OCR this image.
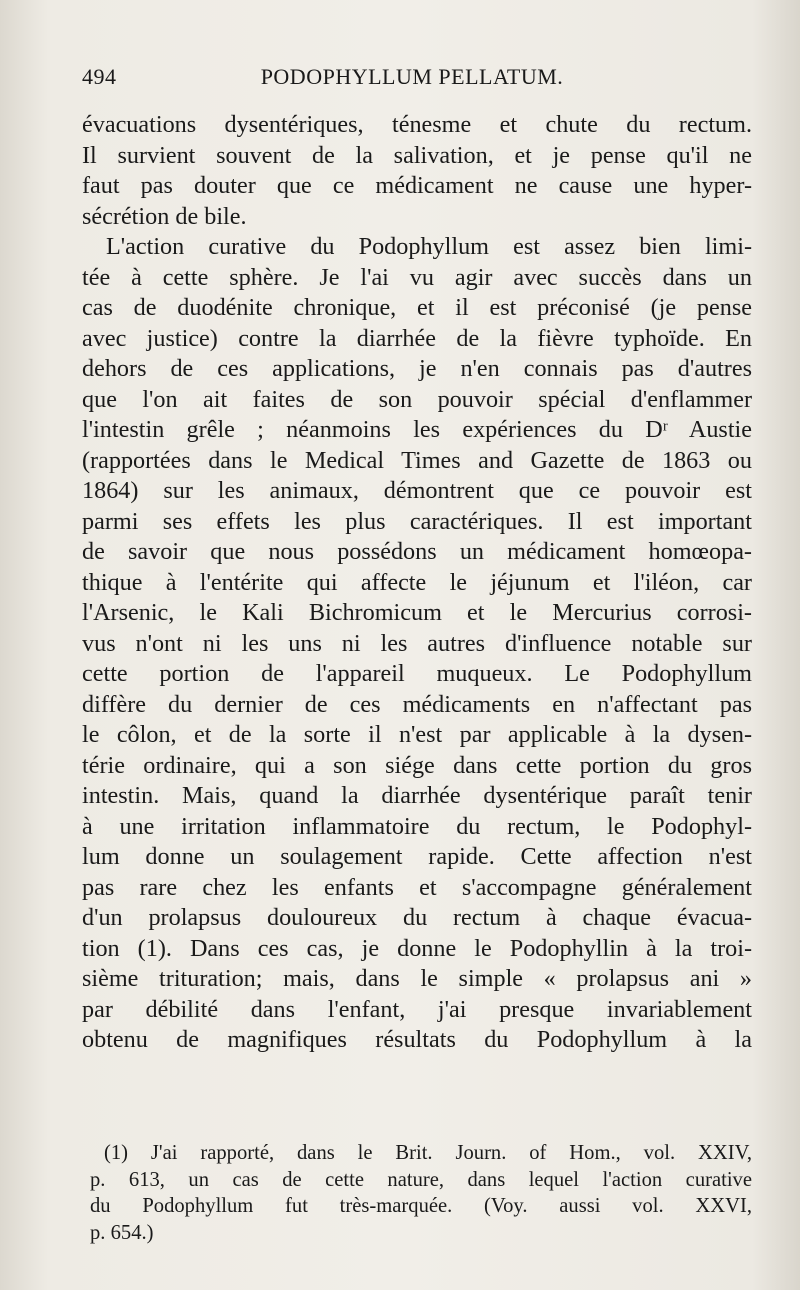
494	PODOPHYLLUM PELLATUM.
évacuations dysentériques, ténesme et chute du rectum.
Il survient souvent de la salivation, et je pense qu'il ne
faut pas douter que ce médicament ne cause une hyper-
sécrétion de bile.
L'action curative du Podophyllum est assez bien limi-
tée à cette sphère. Je l'ai vu agir avec succès dans un
cas de duodénite chronique, et il est préconisé (je pense
avec justice) contre la diarrhée de la fièvre typhoïde. En
dehors de ces applications, je n'en connais pas d'autres
que l'on ait faites de son pouvoir spécial d'enflammer
l'intestin grêle ; néanmoins les expériences du Dʳ Austie
(rapportées dans le Medical Times and Gazette de 1863 ou
1864) sur les animaux, démontrent que ce pouvoir est
parmi ses effets les plus caractériques. Il est important
de savoir que nous possédons un médicament homœopa-
thique à l'entérite qui affecte le jéjunum et l'iléon, car
l'Arsenic, le Kali Bichromicum et le Mercurius corrosi-
vus n'ont ni les uns ni les autres d'influence notable sur
cette portion de l'appareil muqueux. Le Podophyllum
diffère du dernier de ces médicaments en n'affectant pas
le côlon, et de la sorte il n'est par applicable à la dysen-
térie ordinaire, qui a son siége dans cette portion du gros
intestin. Mais, quand la diarrhée dysentérique paraît tenir
à une irritation inflammatoire du rectum, le Podophyl-
lum donne un soulagement rapide. Cette affection n'est
pas rare chez les enfants et s'accompagne généralement
d'un prolapsus douloureux du rectum à chaque évacua-
tion (1). Dans ces cas, je donne le Podophyllin à la troi-
sième trituration; mais, dans le simple « prolapsus ani »
par débilité dans l'enfant, j'ai presque invariablement
obtenu de magnifiques résultats du Podophyllum à la
(1) J'ai rapporté, dans le Brit. Journ. of Hom., vol. XXIV,
p. 613, un cas de cette nature, dans lequel l'action curative
du Podophyllum fut très-marquée. (Voy. aussi vol. XXVI,
p. 654.)
